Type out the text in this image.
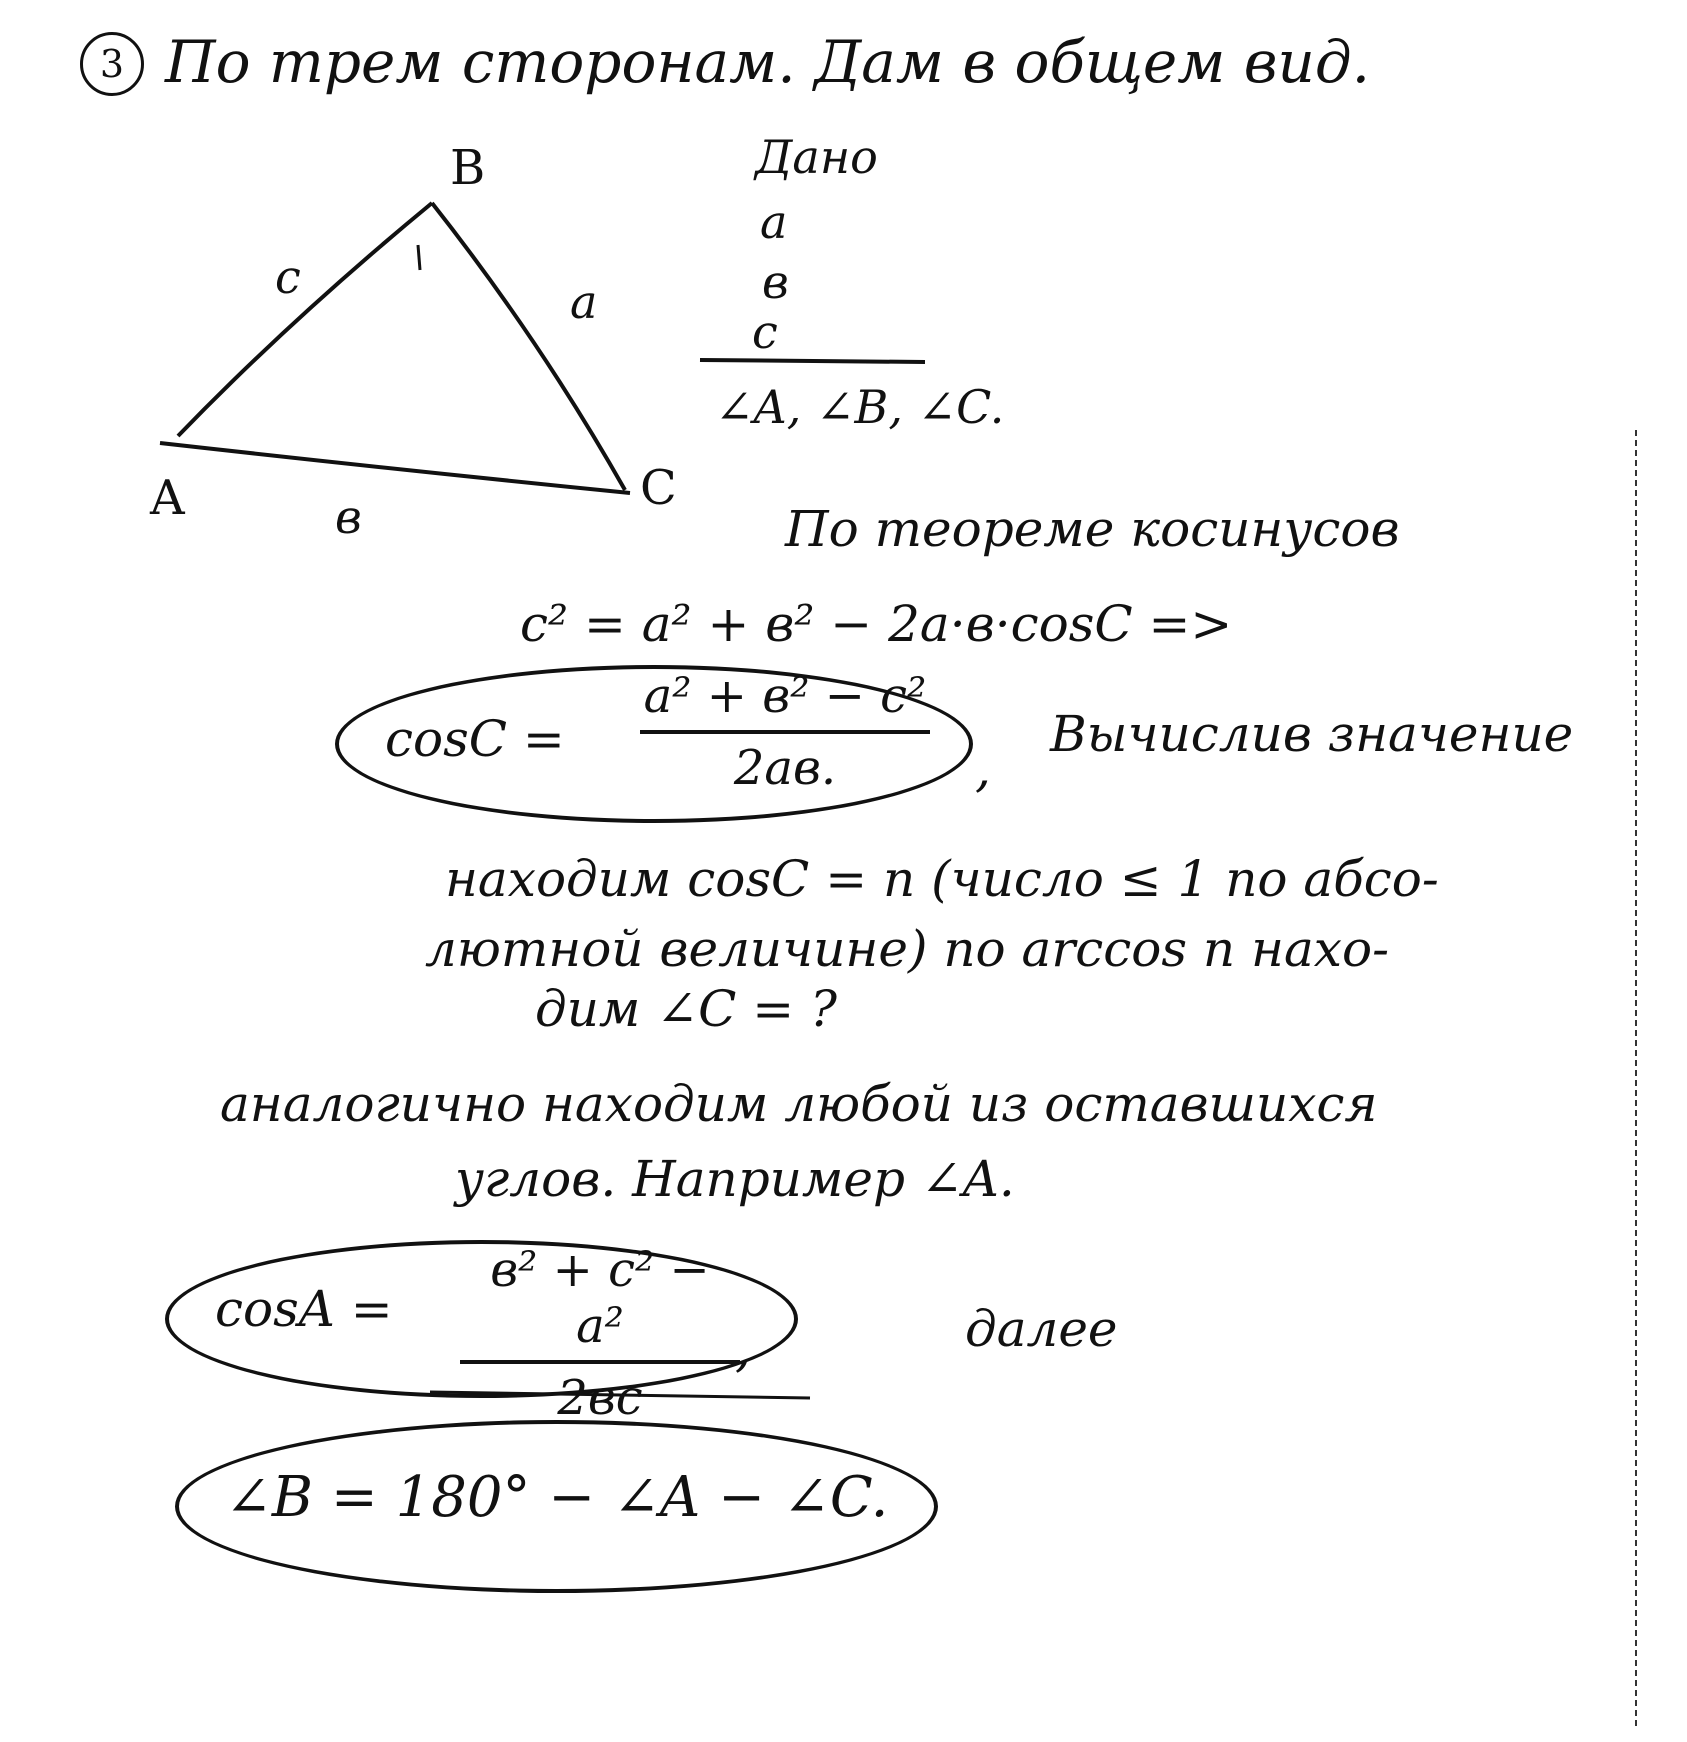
3 По трем сторонам. Дам в общем вид.
B
A	C
c	a
в
Дано
a
в
c
∠A, ∠B, ∠C.
По теореме косинусов
c² = a² + в² − 2a·в·cosC =>
cosC =
a² + в² − c²
2aв.	,
Вычислив значение
находим cosC = n (число ≤ 1 по абсо-
лютной величине) по arccos n нахо-
дим ∠C = ?
аналогично находим любой из оставшихся
углов. Например ∠A.
cosA =
в² + c² − a²
2вc
,	далее
∠B = 180° − ∠A − ∠C.
